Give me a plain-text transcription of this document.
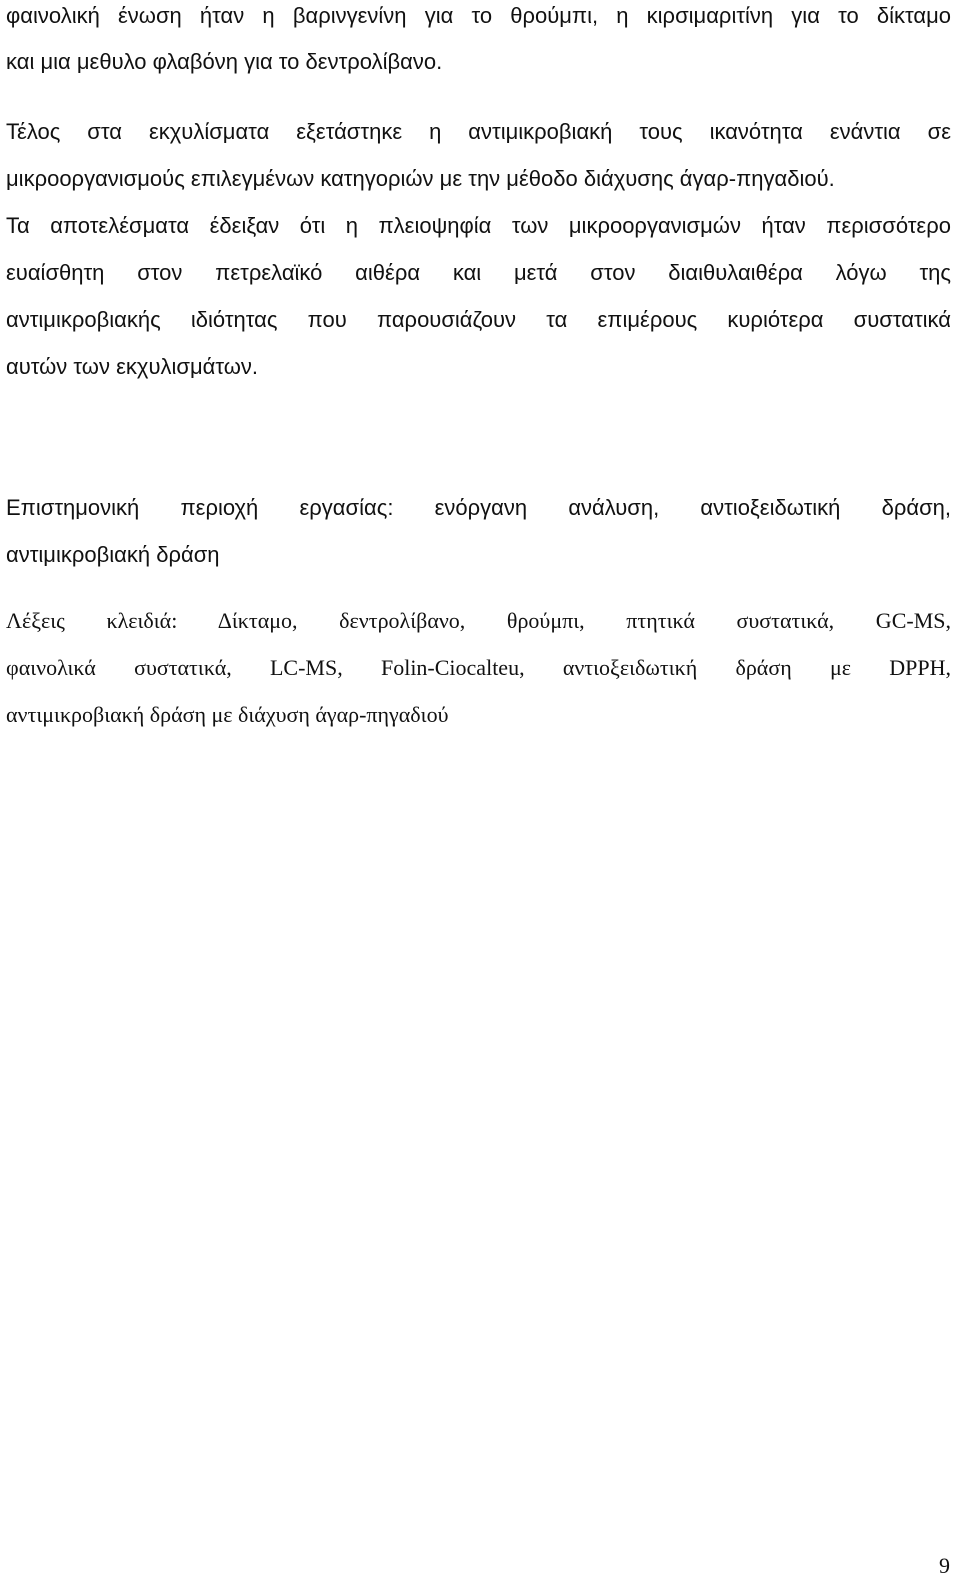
φαινολική ένωση ήταν η βαρινγενίνη για το θρούμπι, η κιρσιμαριτίνη για το δίκταμο
και μια μεθυλο φλαβόνη για το δεντρολίβανο.
Τέλος στα εκχυλίσματα εξετάστηκε η αντιμικροβιακή τους ικανότητα ενάντια σε
μικροοργανισμούς επιλεγμένων κατηγοριών με την μέθοδο διάχυσης άγαρ-πηγαδιού.
Τα αποτελέσματα έδειξαν ότι η πλειοψηφία των μικροοργανισμών ήταν περισσότερο
ευαίσθητη στον πετρελαϊκό αιθέρα και μετά στον διαιθυλαιθέρα λόγω της
αντιμικροβιακής ιδιότητας που παρουσιάζουν τα επιμέρους κυριότερα συστατικά
αυτών των εκχυλισμάτων.
Επιστημονική περιοχή εργασίας: ενόργανη ανάλυση, αντιοξειδωτική δράση,
αντιμικροβιακή δράση
Λέξεις κλειδιά: Δίκταμο, δεντρολίβανο, θρούμπι, πτητικά συστατικά, GC-MS,
φαινολικά συστατικά, LC-MS, Folin-Ciocalteu, αντιοξειδωτική δράση με DPPH,
αντιμικροβιακή δράση με διάχυση άγαρ-πηγαδιού
9
